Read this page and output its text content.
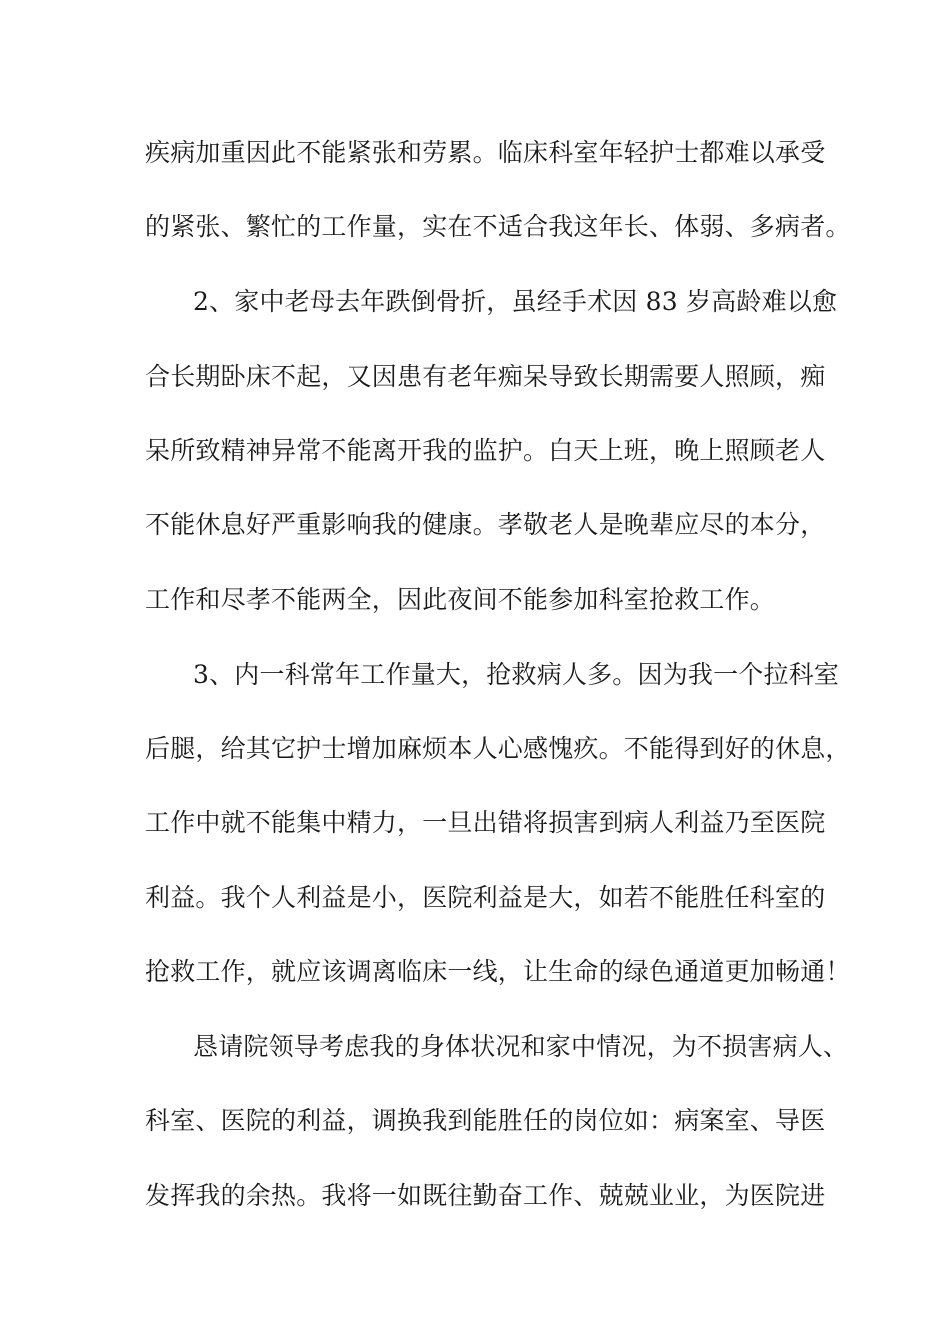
疾病加重因此不能紧张和劳累。临床科室年轻护士都难以承受
的紧张、繁忙的工作量，实在不适合我这年长、体弱、多病者。
2、家中老母去年跌倒骨折，虽经手术因 83 岁高龄难以愈
合长期卧床不起，又因患有老年痴呆导致长期需要人照顾，痴
呆所致精神异常不能离开我的监护。白天上班，晚上照顾老人
不能休息好严重影响我的健康。孝敬老人是晚辈应尽的本分，
工作和尽孝不能两全，因此夜间不能参加科室抢救工作。
3、内一科常年工作量大，抢救病人多。因为我一个拉科室
后腿，给其它护士增加麻烦本人心感愧疚。不能得到好的休息，
工作中就不能集中精力，一旦出错将损害到病人利益乃至医院
利益。我个人利益是小，医院利益是大，如若不能胜任科室的
抢救工作，就应该调离临床一线，让生命的绿色通道更加畅通！
恳请院领导考虑我的身体状况和家中情况，为不损害病人、
科室、医院的利益，调换我到能胜任的岗位如：病案室、导医
发挥我的余热。我将一如既往勤奋工作、兢兢业业，为医院进
